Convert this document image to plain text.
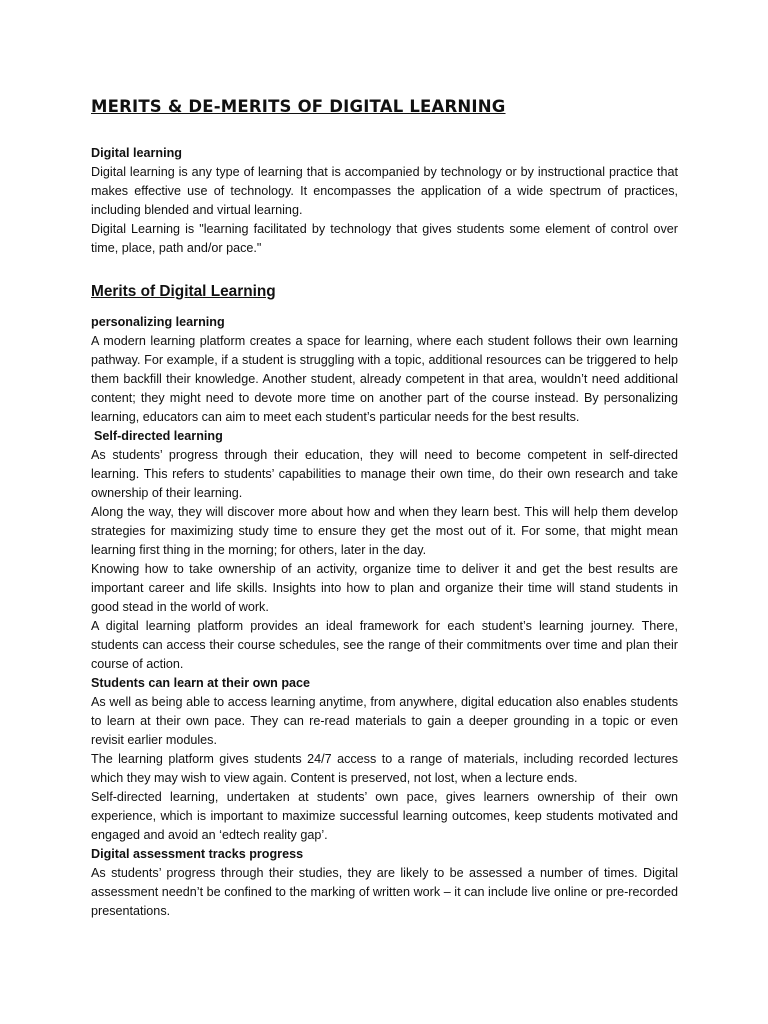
MERITS & DE-MERITS OF DIGITAL LEARNING
Digital learning

Digital learning is any type of learning that is accompanied by technology or by instructional practice that makes effective use of technology. It encompasses the application of a wide spectrum of practices, including blended and virtual learning.

Digital Learning is "learning facilitated by technology that gives students some element of control over time, place, path and/or pace."

Merits of Digital Learning
personalizing learning

A modern learning platform creates a space for learning, where each student follows their own learning pathway. For example, if a student is struggling with a topic, additional resources can be triggered to help them backfill their knowledge. Another student, already competent in that area, wouldn’t need additional content; they might need to devote more time on another part of the course instead. By personalizing learning, educators can aim to meet each student’s particular needs for the best results.

Self-directed learning

As students’ progress through their education, they will need to become competent in self-directed learning. This refers to students’ capabilities to manage their own time, do their own research and take ownership of their learning.

Along the way, they will discover more about how and when they learn best. This will help them develop strategies for maximizing study time to ensure they get the most out of it. For some, that might mean learning first thing in the morning; for others, later in the day.

Knowing how to take ownership of an activity, organize time to deliver it and get the best results are important career and life skills. Insights into how to plan and organize their time will stand students in good stead in the world of work.

A digital learning platform provides an ideal framework for each student’s learning journey. There, students can access their course schedules, see the range of their commitments over time and plan their course of action.

Students can learn at their own pace

As well as being able to access learning anytime, from anywhere, digital education also enables students to learn at their own pace. They can re-read materials to gain a deeper grounding in a topic or even revisit earlier modules.

The learning platform gives students 24/7 access to a range of materials, including recorded lectures which they may wish to view again. Content is preserved, not lost, when a lecture ends.

Self-directed learning, undertaken at students’ own pace, gives learners ownership of their own experience, which is important to maximize successful learning outcomes, keep students motivated and engaged and avoid an ‘edtech reality gap’.

Digital assessment tracks progress

As students’ progress through their studies, they are likely to be assessed a number of times. Digital assessment needn’t be confined to the marking of written work – it can include live online or pre-recorded presentations.
